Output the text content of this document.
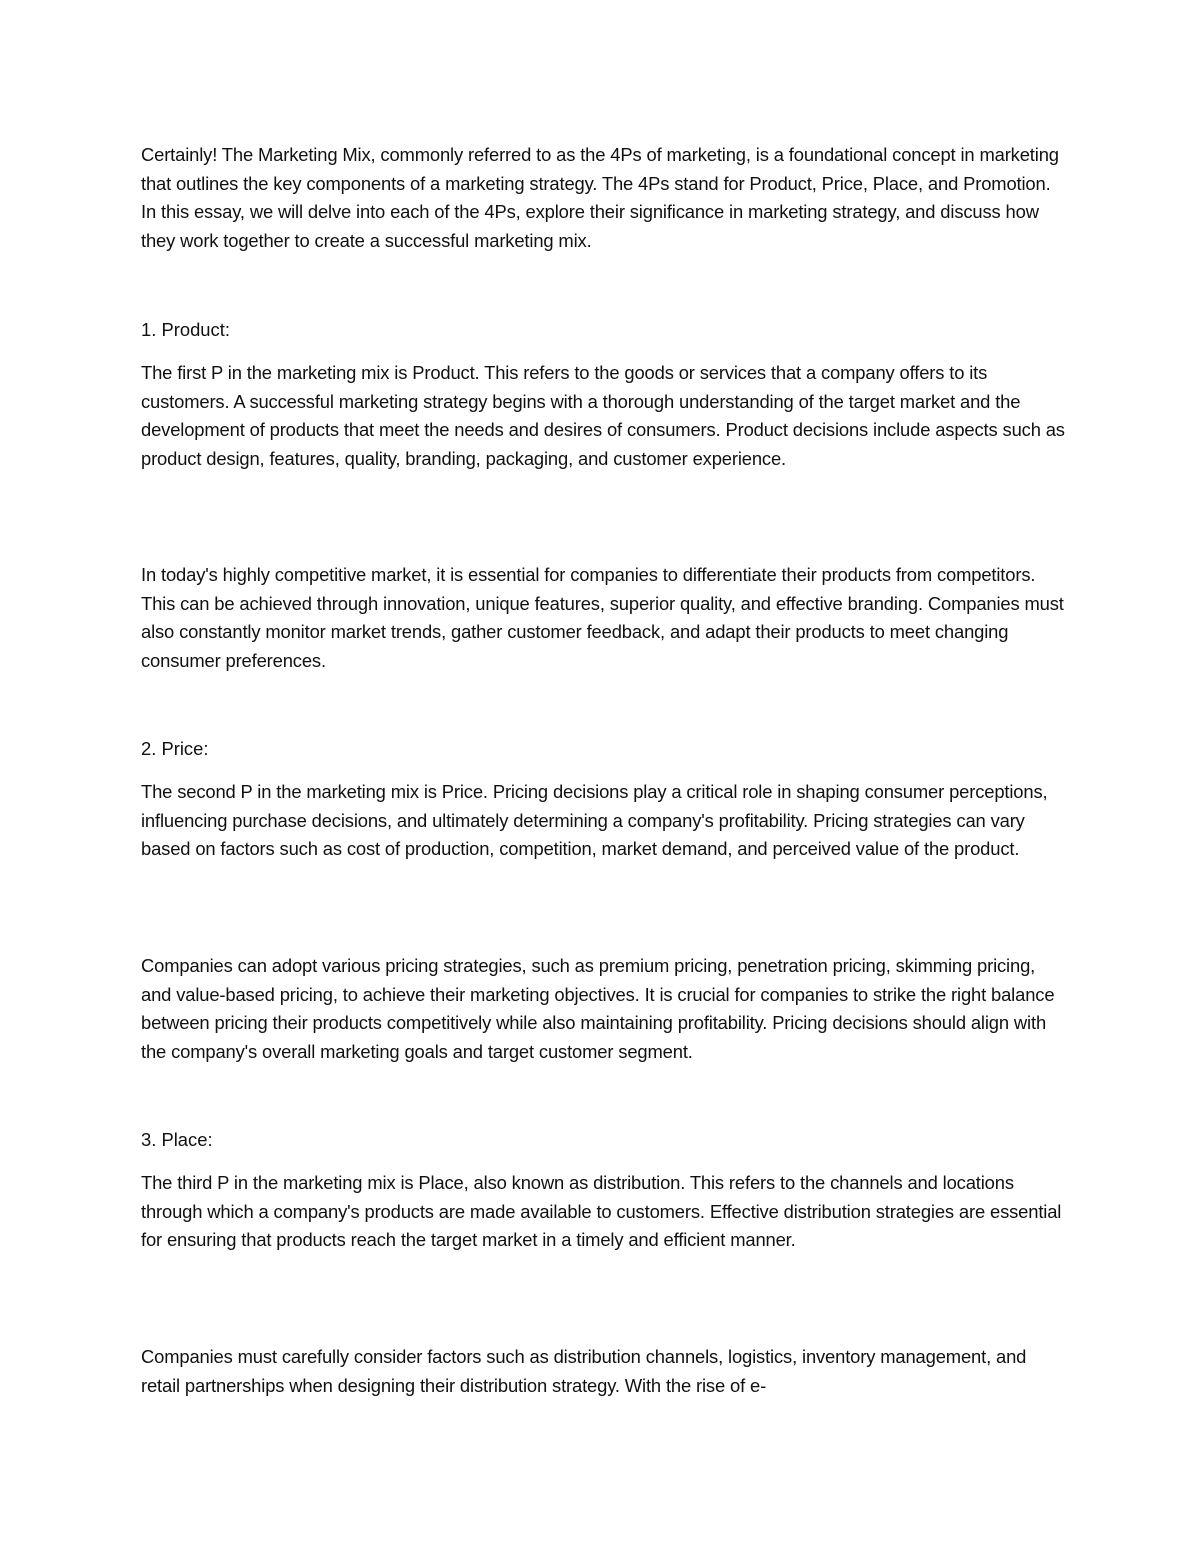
Certainly! The Marketing Mix, commonly referred to as the 4Ps of marketing, is a foundational concept in marketing that outlines the key components of a marketing strategy. The 4Ps stand for Product, Price, Place, and Promotion. In this essay, we will delve into each of the 4Ps, explore their significance in marketing strategy, and discuss how they work together to create a successful marketing mix.

1. Product:

The first P in the marketing mix is Product. This refers to the goods or services that a company offers to its customers. A successful marketing strategy begins with a thorough understanding of the target market and the development of products that meet the needs and desires of consumers. Product decisions include aspects such as product design, features, quality, branding, packaging, and customer experience.

In today's highly competitive market, it is essential for companies to differentiate their products from competitors. This can be achieved through innovation, unique features, superior quality, and effective branding. Companies must also constantly monitor market trends, gather customer feedback, and adapt their products to meet changing consumer preferences.

2. Price:

The second P in the marketing mix is Price. Pricing decisions play a critical role in shaping consumer perceptions, influencing purchase decisions, and ultimately determining a company's profitability. Pricing strategies can vary based on factors such as cost of production, competition, market demand, and perceived value of the product.

Companies can adopt various pricing strategies, such as premium pricing, penetration pricing, skimming pricing, and value-based pricing, to achieve their marketing objectives. It is crucial for companies to strike the right balance between pricing their products competitively while also maintaining profitability. Pricing decisions should align with the company's overall marketing goals and target customer segment.

3. Place:

The third P in the marketing mix is Place, also known as distribution. This refers to the channels and locations through which a company's products are made available to customers. Effective distribution strategies are essential for ensuring that products reach the target market in a timely and efficient manner.

Companies must carefully consider factors such as distribution channels, logistics, inventory management, and retail partnerships when designing their distribution strategy. With the rise of e-
